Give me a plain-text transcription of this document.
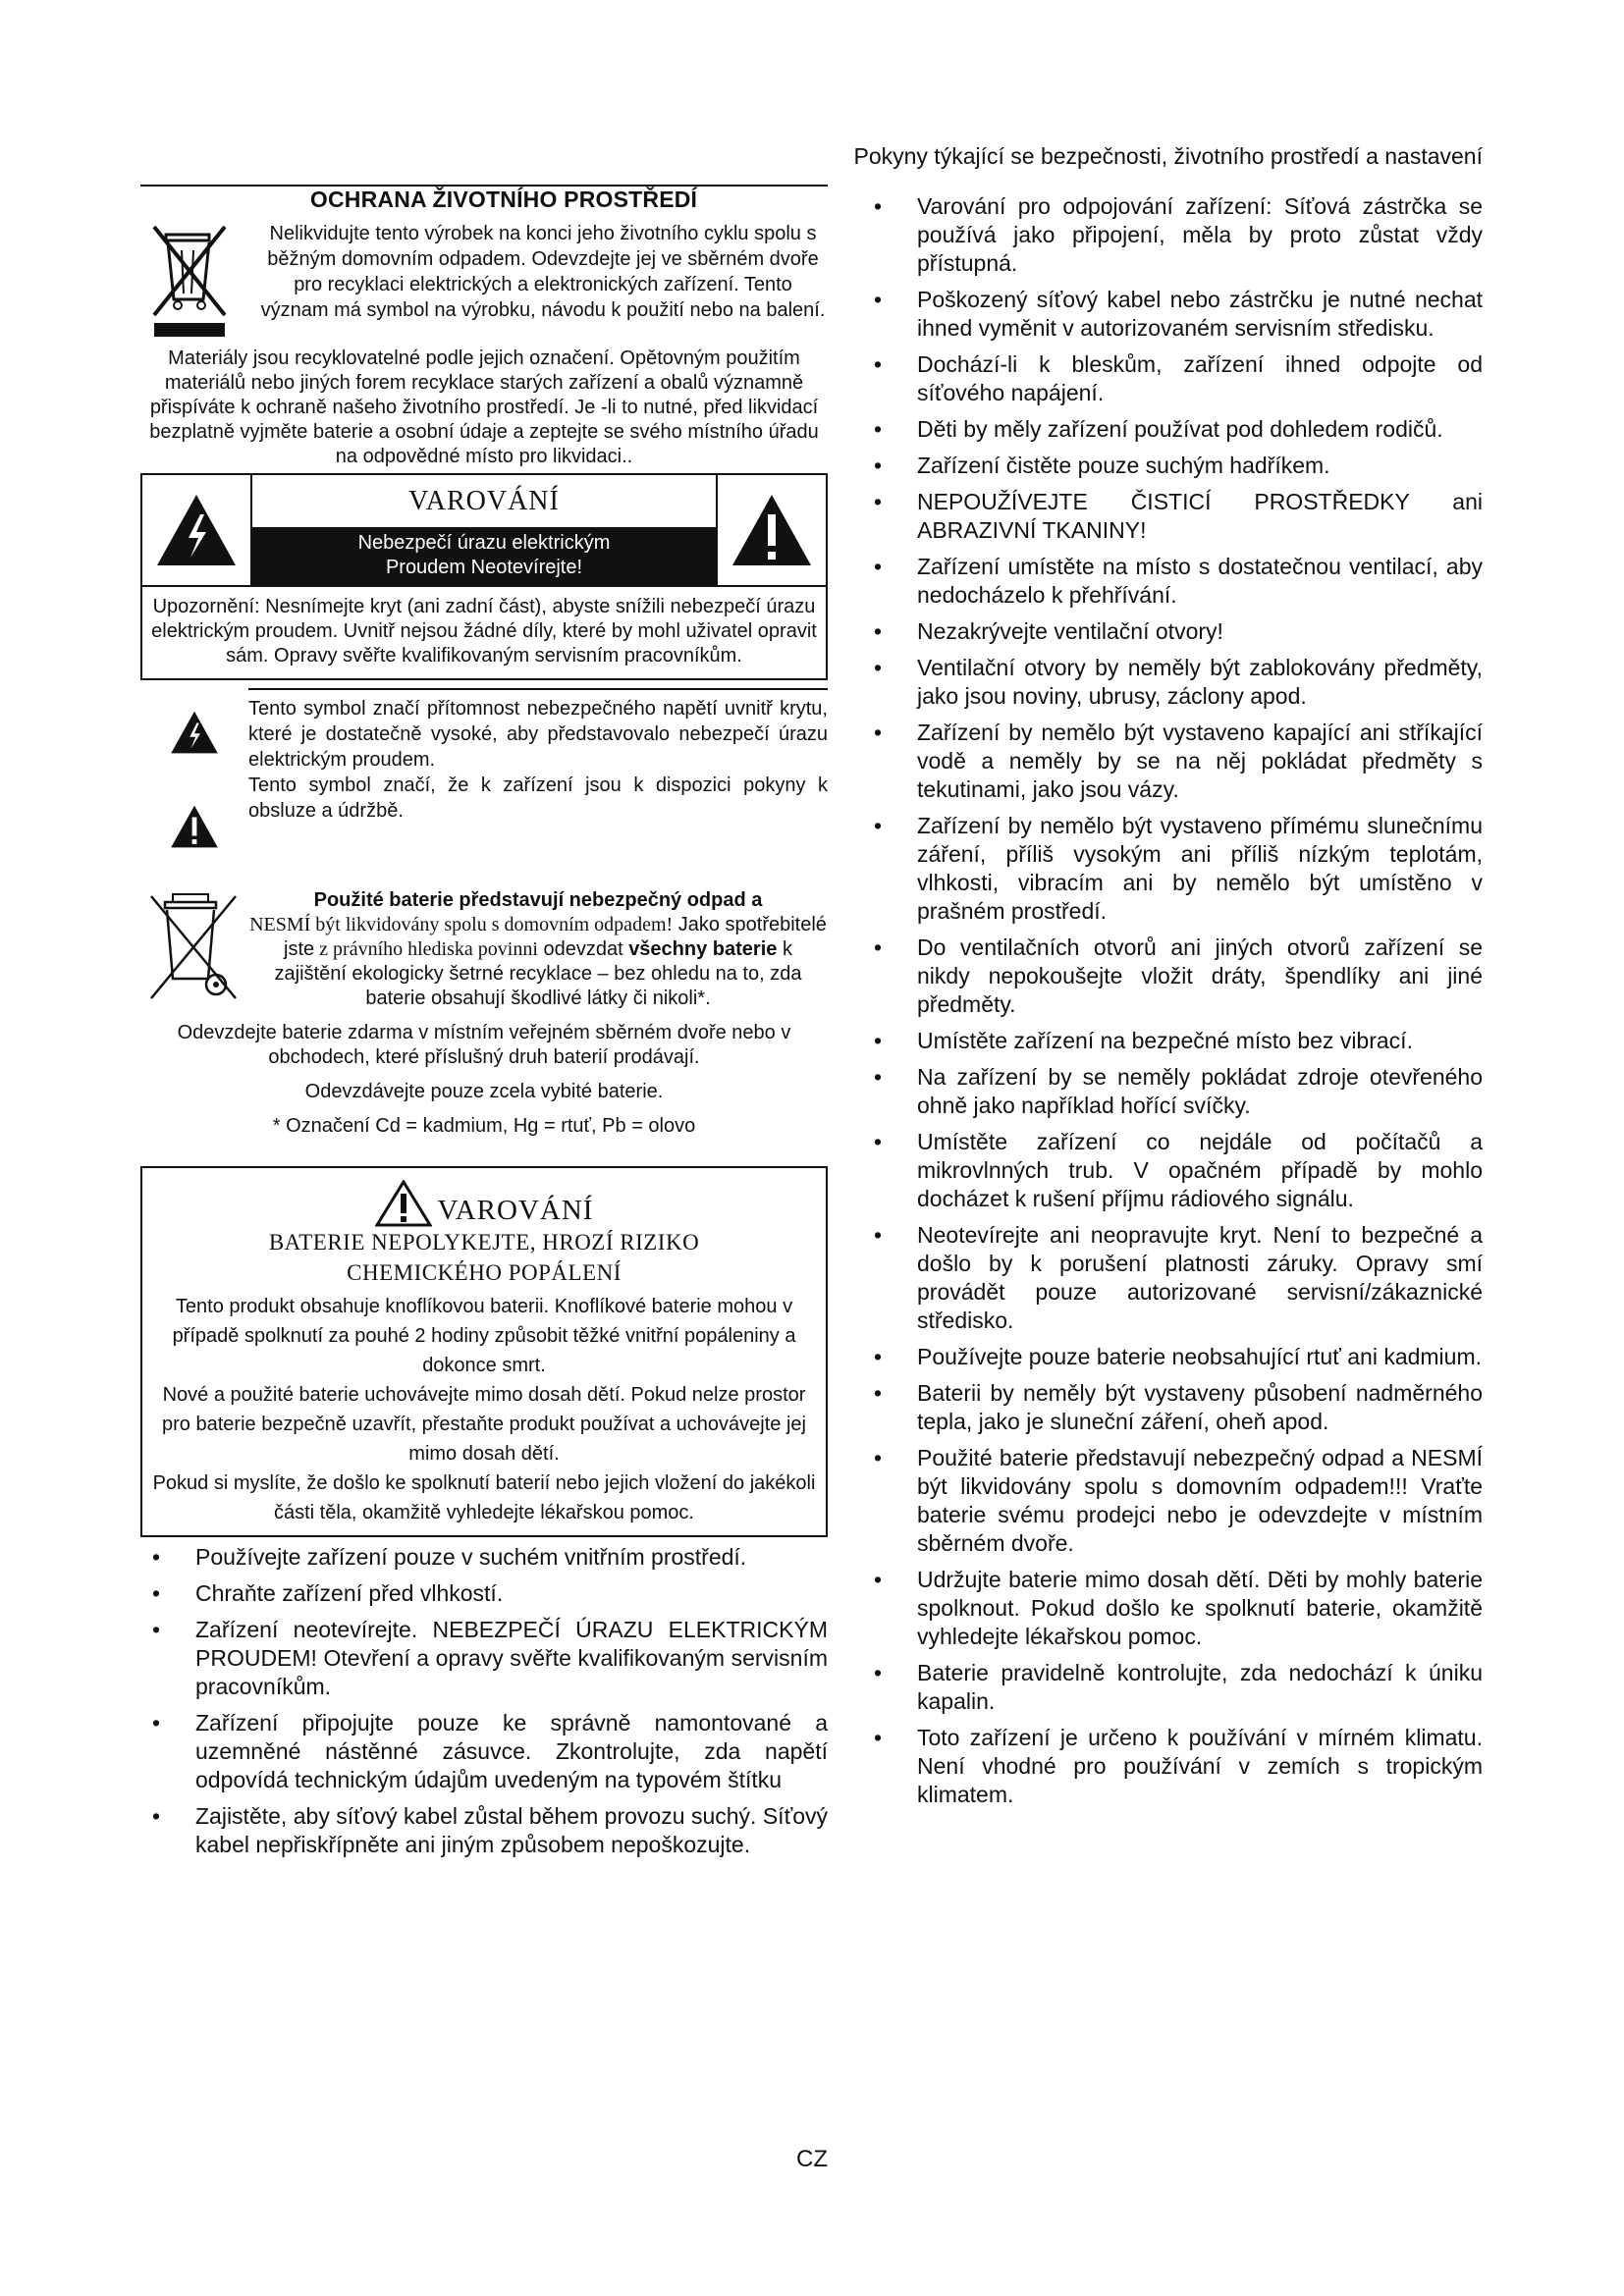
Pokyny týkající se bezpečnosti, životního prostředí a nastavení
OCHRANA ŽIVOTNÍHO PROSTŘEDÍ
Nelikvidujte tento výrobek na konci jeho životního cyklu spolu s běžným domovním odpadem. Odevzdejte jej ve sběrném dvoře pro recyklaci elektrických a elektronických zařízení. Tento význam má symbol na výrobku, návodu k použití nebo na balení.
Materiály jsou recyklovatelné podle jejich označení. Opětovným použitím materiálů nebo jiných forem recyklace starých zařízení a obalů významně přispíváte k ochraně našeho životního prostředí. Je -li to nutné, před likvidací bezplatně vyjměte baterie a osobní údaje a zeptejte se svého místního úřadu na odpovědné místo pro likvidaci..
VAROVÁNÍ
Nebezpečí úrazu elektrickým
Proudem Neotevírejte!
Upozornění: Nesnímejte kryt (ani zadní část), abyste snížili nebezpečí úrazu elektrickým proudem. Uvnitř nejsou žádné díly, které by mohl uživatel opravit sám. Opravy svěřte kvalifikovaným servisním pracovníkům.

Tento symbol značí přítomnost nebezpečného napětí uvnitř krytu, které je dostatečně vysoké, aby představovalo nebezpečí úrazu elektrickým proudem.

Tento symbol značí, že k zařízení jsou k dispozici pokyny k obsluze a údržbě.

Použité baterie představují nebezpečný odpad a
NESMÍ být likvidovány spolu s domovním odpadem! Jako spotřebitelé jste z právního hlediska povinni odevzdat všechny baterie k zajištění ekologicky šetrné recyklace – bez ohledu na to, zda baterie obsahují škodlivé látky či nikoli*.

Odevzdejte baterie zdarma v místním veřejném sběrném dvoře nebo v obchodech, které příslušný druh baterií prodávají.

Odevzdávejte pouze zcela vybité baterie.

* Označení Cd = kadmium, Hg = rtuť, Pb = olovo

VAROVÁNÍ
BATERIE NEPOLYKEJTE, HROZÍ RIZIKO
CHEMICKÉHO POPÁLENÍ
Tento produkt obsahuje knoflíkovou baterii. Knoflíkové baterie mohou v případě spolknutí za pouhé 2 hodiny způsobit těžké vnitřní popáleniny a dokonce smrt.
Nové a použité baterie uchovávejte mimo dosah dětí. Pokud nelze prostor pro baterie bezpečně uzavřít, přestaňte produkt používat a uchovávejte jej mimo dosah dětí.
Pokud si myslíte, že došlo ke spolknutí baterií nebo jejich vložení do jakékoli části těla, okamžitě vyhledejte lékařskou pomoc.
• Používejte zařízení pouze v suchém vnitřním prostředí.
• Chraňte zařízení před vlhkostí.
• Zařízení neotevírejte. NEBEZPEČÍ ÚRAZU ELEKTRICKÝM PROUDEM! Otevření a opravy svěřte kvalifikovaným servisním pracovníkům.
• Zařízení připojujte pouze ke správně namontované a uzemněné nástěnné zásuvce. Zkontrolujte, zda napětí odpovídá technickým údajům uvedeným na typovém štítku
• Zajistěte, aby síťový kabel zůstal během provozu suchý. Síťový kabel nepřiskřípněte ani jiným způsobem nepoškozujte.
• Varování pro odpojování zařízení: Síťová zástrčka se používá jako připojení, měla by proto zůstat vždy přístupná.
• Poškozený síťový kabel nebo zástrčku je nutné nechat ihned vyměnit v autorizovaném servisním středisku.
• Dochází-li k bleskům, zařízení ihned odpojte od síťového napájení.
• Děti by měly zařízení používat pod dohledem rodičů.
• Zařízení čistěte pouze suchým hadříkem.
• NEPOUŽÍVEJTE ČISTICÍ PROSTŘEDKY ani ABRAZIVNÍ TKANINY!
• Zařízení umístěte na místo s dostatečnou ventilací, aby nedocházelo k přehřívání.
• Nezakrývejte ventilační otvory!
• Ventilační otvory by neměly být zablokovány předměty, jako jsou noviny, ubrusy, záclony apod.
• Zařízení by nemělo být vystaveno kapající ani stříkající vodě a neměly by se na něj pokládat předměty s tekutinami, jako jsou vázy.
• Zařízení by nemělo být vystaveno přímému slunečnímu záření, příliš vysokým ani příliš nízkým teplotám, vlhkosti, vibracím ani by nemělo být umístěno v prašném prostředí.
• Do ventilačních otvorů ani jiných otvorů zařízení se nikdy nepokoušejte vložit dráty, špendlíky ani jiné předměty.
• Umístěte zařízení na bezpečné místo bez vibrací.
• Na zařízení by se neměly pokládat zdroje otevřeného ohně jako například hořící svíčky.
• Umístěte zařízení co nejdále od počítačů a mikrovlnných trub. V opačném případě by mohlo docházet k rušení příjmu rádiového signálu.
• Neotevírejte ani neopravujte kryt. Není to bezpečné a došlo by k porušení platnosti záruky. Opravy smí provádět pouze autorizované servisní/zákaznické středisko.
• Používejte pouze baterie neobsahující rtuť ani kadmium.
• Baterii by neměly být vystaveny působení nadměrného tepla, jako je sluneční záření, oheň apod.
• Použité baterie představují nebezpečný odpad a NESMÍ být likvidovány spolu s domovním odpadem!!! Vraťte baterie svému prodejci nebo je odevzdejte v místním sběrném dvoře.
• Udržujte baterie mimo dosah dětí. Děti by mohly baterie spolknout. Pokud došlo ke spolknutí baterie, okamžitě vyhledejte lékařskou pomoc.
• Baterie pravidelně kontrolujte, zda nedochází k úniku kapalin.
• Toto zařízení je určeno k používání v mírném klimatu. Není vhodné pro používání v zemích s tropickým klimatem.
CZ
